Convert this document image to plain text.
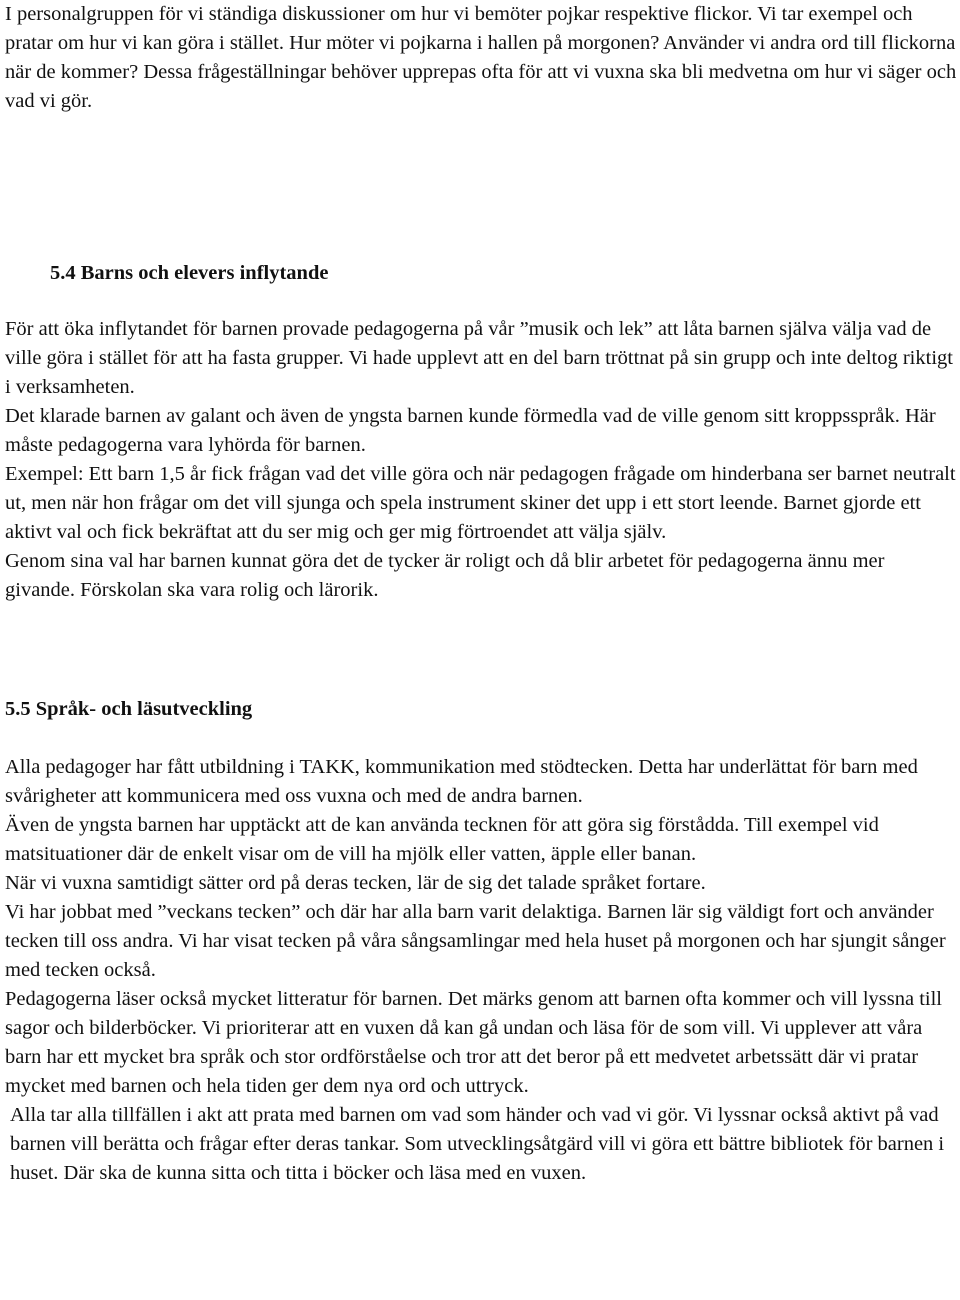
I personalgruppen för vi ständiga diskussioner om hur vi bemöter pojkar respektive flickor. Vi tar exempel och pratar om hur vi kan göra i stället. Hur möter vi pojkarna i hallen på morgonen? Använder vi andra ord till flickorna när de kommer? Dessa frågeställningar behöver upprepas ofta för att vi vuxna ska bli medvetna om hur vi säger och vad vi gör.

5.4 Barns och elevers inflytande

För att öka inflytandet för barnen provade pedagogerna på vår ”musik och lek” att låta barnen själva välja vad de ville göra i stället för att ha fasta grupper. Vi hade upplevt att en del barn tröttnat på sin grupp och inte deltog riktigt i verksamheten.

Det klarade barnen av galant och även de yngsta barnen kunde förmedla vad de ville genom sitt kroppsspråk. Här måste pedagogerna vara lyhörda för barnen.

Exempel: Ett barn 1,5 år fick frågan vad det ville göra och när pedagogen frågade om hinderbana ser barnet neutralt ut, men när hon frågar om det vill sjunga och spela instrument skiner det upp i ett stort leende. Barnet gjorde ett aktivt val och fick bekräftat att du ser mig och ger mig förtroendet att välja själv.

Genom sina val har barnen kunnat göra det de tycker är roligt och då blir arbetet för pedagogerna ännu mer givande. Förskolan ska vara rolig och lärorik.

5.5 Språk- och läsutveckling

Alla pedagoger har fått utbildning i TAKK, kommunikation med stödtecken. Detta har underlättat för barn med svårigheter att kommunicera med oss vuxna och med de andra barnen.

Även de yngsta barnen har upptäckt att de kan använda tecknen för att göra sig förstådda. Till exempel vid matsituationer där de enkelt visar om de vill ha mjölk eller vatten, äpple eller banan.

När vi vuxna samtidigt sätter ord på deras tecken, lär de sig det talade språket fortare.

Vi har jobbat med ”veckans tecken” och där har alla barn varit delaktiga. Barnen lär sig väldigt fort och använder tecken till oss andra. Vi har visat tecken på våra sångsamlingar med hela huset på morgonen och har sjungit sånger med tecken också.

Pedagogerna läser också mycket litteratur för barnen. Det märks genom att barnen ofta kommer och vill lyssna till sagor och bilderböcker. Vi prioriterar att en vuxen då kan gå undan och läsa för de som vill. Vi upplever att våra barn har ett mycket bra språk och stor ordförståelse och tror att det beror på ett medvetet arbetssätt där vi pratar mycket med barnen och hela tiden ger dem nya ord och uttryck.

Alla tar alla tillfällen i akt att prata med barnen om vad som händer och vad vi gör. Vi lyssnar också aktivt på vad barnen vill berätta och frågar efter deras tankar. Som utvecklingsåtgärd vill vi göra ett bättre bibliotek för barnen i huset. Där ska de kunna sitta och titta i böcker och läsa med en vuxen.
